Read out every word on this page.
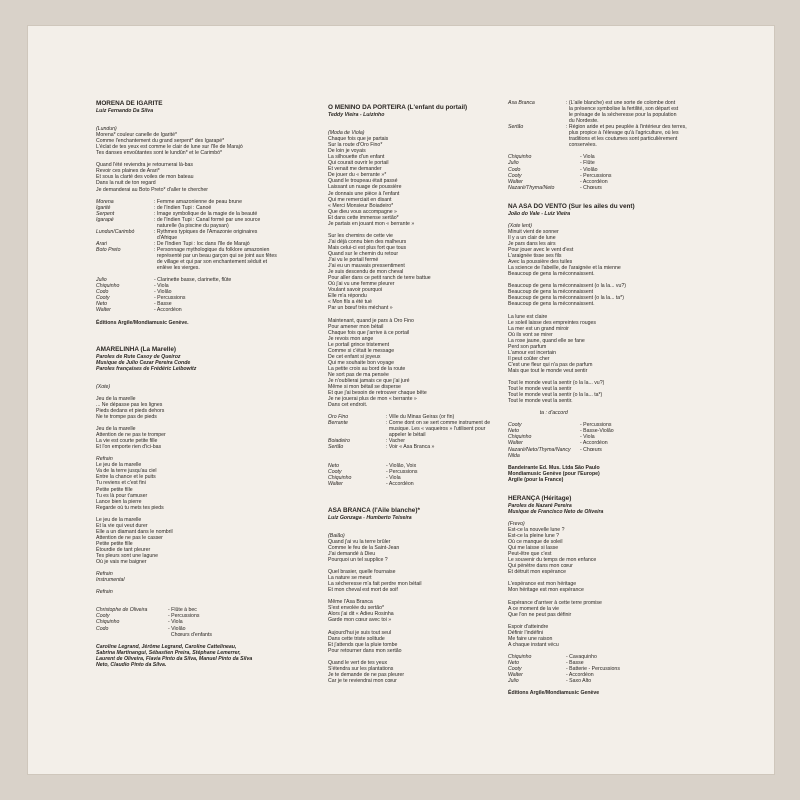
MORENA DE IGARITE
Luiz Fernando Da Silva
(Lundun)
Morena* couleur canelle de Igarité*
Comme l'enchantement du grand serpent* des Igarapé*
L'éclat de tes yeux est comme le clair de lune sur l'île de Marajó
Tes danses envoûtantes sont le lundûn* et le Carimbó*
Quand l'été reviendra je retournerai là-bas
Revoir ces plaines de Arari*
Et sous la clarté des voiles de mon bateau
Dans la nuit de ton regard
Je demanderai au Boto Preto* d'aller te chercher
Morena	: Femme amazonienne de peau brune
Igarité	: de l'Indien Tupi : Canoë
Serpent	: Image symbolique de la magie de la beauté
Igarapé	: de l'Indien Tupi : Canal formé par une source
naturelle (la piscine du paysan)
Lundun/Carimbó	: Rythmes typiques de l'Amazonie originaires
d'Afrique
Arari	: De l'Indien Tupi : loc dans l'île de Marajó
Boto Preto	: Personnage mythologique du folklore amazonien
représenté par un beau garçon qui se joint aux fêtes
de village et qui par son enchantement séduit et
enlève les vierges.
Julio	- Clarinette basse, clarinette, flûte
Chiquinho	- Viola
Codo	- Violão
Cooty	- Percussions
Neto	- Basse
Walter	- Accordéon
Éditions Argile/Mondiamusic Genève.
AMARELINHA (La Marelle)
Paroles de Rute Casoy de Queiroz
Musique de Julio Cezar Pereira Conde
Paroles françaises de Frédéric Leibowitz
(Xote)
Jeu de la marelle
... Ne dépasse pas les lignes
Pieds dedans et pieds dehors
Ne te trompe pas de pieds
Jeu de la marelle
Attention de ne pas te tromper
La vie est courte petite fille
Et l'on emporte rien d'ici-bas
Refrain
Le jeu de la marelle
Va de la terre jusqu'au ciel
Entre la chance et le puits
Tu reviens et c'est fini
Petite petite fille
Tu es là pour t'amuser
Lance bien la pierre
Regarde où tu mets tes pieds
Le jeu de la marelle
Et la vie qui veut durer
Elle a un diamant dans le nombril
Attention de ne pas le casser
Petite petite fille
Étourdie de tant pleurer
Tes pleurs sont une lagune
Où je vais me baigner
Refrain
Instrumental
Refrain
Christophe de Oliveira	- Flûte à bec
Cooty	- Percussions
Chiquinho	- Viola
Codo	- Violão
Chœurs d'enfants
Caroline Legrand, Jérôme Legrand, Caroline Cattelineau,
Sabrina Martinangui, Sébastien Preira, Stéphane Lemerrer,
Laurent de Oliveira, Flavia Pinto da Silva, Manuel Pinto da Silva
Neto, Claudio Pinto da Silva.
O MENINO DA PORTEIRA (L'enfant du portail)
Teddy Vieira - Luizinho
(Moda de Viola)
Chaque fois que je partais
Sur la route d'Oro Fino*
De loin je voyais
La silhouette d'un enfant
Qui courait ouvrir le portail
Et venait me demander
De jouer du « berrante »*
Quand le troupeau était passé
Laissant un nuage de poussière
Je donnais une pièce à l'enfant
Qui me remerciait en disant
« Merci Monsieur Boiadeiro*
Que dieu vous accompagne »
Et dans cette immense sertão*
Je partais en jouant mon « berrante »
Sur les chemins de cette vie
J'ai déjà connu bien des malheurs
Mais celui-ci est plus fort que tous
Quand sur le chemin du retour
J'ai vu le portail fermé
J'ai eu un mauvais pressentiment
Je suis descendu de mon cheval
Pour aller dans ce petit ranch de terre battue
Où j'ai vu une femme pleurer
Voulant savoir pourquoi
Elle m'a répondu
« Mon fils a été tué
Par un bœuf très méchant »
Maintenant, quand je pars à Oro Fino
Pour amener mon bétail
Chaque fois que j'arrive à ce portail
Je revois mon ange
Le portail grince tristement
Comme si c'était le message
De cet enfant si joyeux
Qui me souhaite bon voyage
La petite croix au bord de la route
Ne sort pas de ma pensée
Je n'oublierai jamais ce que j'ai juré
Même si mon bétail se disperse
Et que j'ai besoin de retrouver chaque bête
Je ne jouerai plus de mon « berrante »
Dans cet endroit.
Oro Fino	: Ville du Minas Geiras (or fin)
Berrante	: Corne dont on se sert comme instrument de
musique. Les « vaqueiros » l'utilisent pour
appeler le bétail
Boiadeiro	: Vacher
Sertão	: Voir « Asa Branca »
Neto	- Violão, Voix
Cooty	- Percussions
Chiquinho	- Viola
Walter	- Accordéon
ASA BRANCA (l'Aile blanche)*
Luiz Gonzaga - Humberto Teixeira
(Baião)
Quand j'ai vu la terre brûler
Comme le feu de la Saint-Jean
J'ai demandé à Dieu
Pourquoi un tel supplice ?
Quel brasier, quelle fournaise
La nature se meurt
La sécheresse m'a fait perdre mon bétail
Et mon cheval est mort de soif
Même l'Asa Branca
S'est envolée du sertão*
Alors j'ai dit « Adieu Rosinha
Garde mon cœur avec toi »
Aujourd'hui je suis tout seul
Dans cette triste solitude
Et j'attends que la pluie tombe
Pour retourner dans mon sertão
Quand le vert de tes yeux
S'étendra sur les plantations
Je te demande de ne pas pleurer
Car je te reviendrai mon cœur
Asa Branca	: (L'aile blanche) est une sorte de colombe dont
la présence symbolise la fertilité, son départ est
le présage de la sécheresse pour la population
du Nordeste.
Sertão	: Région aride et peu peuplée à l'intérieur des terres,
plus propice à l'élevage qu'à l'agriculture, où les
traditions et les coutumes sont particulièrement
conservées.
Chiquinho	- Viola
Julio	- Flûte
Codo	- Violão
Cooty	- Percussions
Walter	- Accordéon
Nazaré/Thyma/Neto	- Chœurs
NA ASA DO VENTO (Sur les ailes du vent)
João do Vale - Luiz Vieira
(Xote lent)
Minuit vient de sonner
Il y a un clair de lune
Je pars dans les airs
Pour jouer avec le vent d'est
L'araignée tisse ses fils
Avec la poussière des tuiles
La science de l'abeille, de l'araignée et la mienne
Beaucoup de gens la méconnaissent.
Beaucoup de gens la méconnaissent (o la la... vu?)
Beaucoup de gens la méconnaissent
Beaucoup de gens la méconnaissent (o la la... ta*)
Beaucoup de gens la méconnaissent.
La lune est claire
Le soleil laisse des empreintes rouges
La mer est un grand miroir
Où ils vont se mirer
La rose jaune, quand elle se fane
Perd son parfum
L'amour est incertain
Il peut coûter cher
C'est une fleur qui n'a pas de parfum
Mais que tout le monde veut sentir
Tout le monde veut la sentir (o la la... vu?)
Tout le monde veut la sentir
Tout le monde veut la sentir (o la la... ta*)
Tout le monde veut la sentir.
ta : d'accord
Cooty	- Percussions
Neto	- Basse-Violão
Chiquinho	- Viola
Walter	- Accordéon
Nazaré/Neto/Thyma/Nancy	- Chœurs
Nilda
Bandeirante Ed. Mus. Ltda São Paulo
Mondiamusic Genève (pour l'Europe)
Argile (pour la France)
HERANÇA (Héritage)
Paroles de Nazaré Pereira
Musique de Francisco Neto de Oliveira
(Frevo)
Est-ce la nouvelle lune ?
Est-ce la pleine lune ?
Où ce manque de soleil
Qui me laisse si lasse
Peut-être que c'est
Le souvenir du temps de mon enfance
Qui pénètre dans mon cœur
Et détruit mon espérance
L'espérance est mon héritage
Mon héritage est mon espérance
Espérance d'arriver à cette terre promise
A ce moment de la vie
Que l'on ne peut pas définir
Espoir d'atteindre
Définir l'indéfini
Me faire une raison
A chaque instant vécu
Chiquinho	- Cavaquinho
Neto	- Basse
Cooty	- Batterie - Percussions
Walter	- Accordéon
Julio	- Saxo Alto
Éditions Argile/Mondiamusic Genève
